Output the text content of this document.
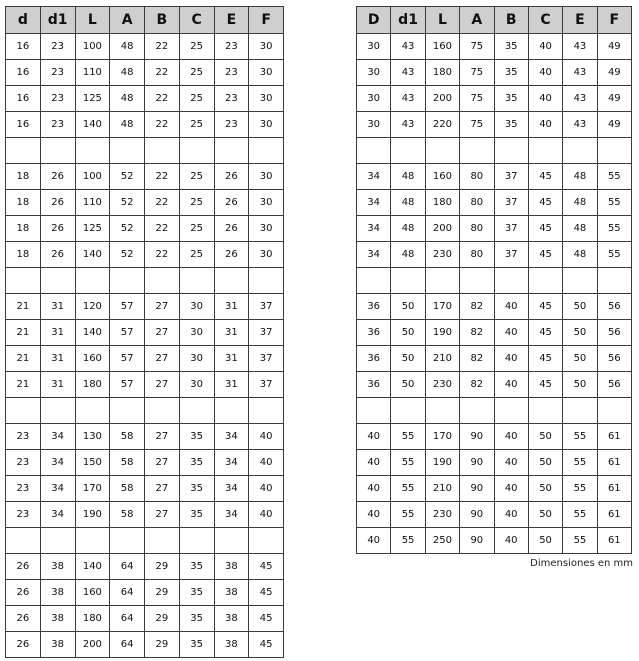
d	d1	L	A	B	C	E	F
16	23	100	48	22	25	23	30
16	23	110	48	22	25	23	30
16	23	125	48	22	25	23	30
16	23	140	48	22	25	23	30

18	26	100	52	22	25	26	30
18	26	110	52	22	25	26	30
18	26	125	52	22	25	26	30
18	26	140	52	22	25	26	30

21	31	120	57	27	30	31	37
21	31	140	57	27	30	31	37
21	31	160	57	27	30	31	37
21	31	180	57	27	30	31	37

23	34	130	58	27	35	34	40
23	34	150	58	27	35	34	40
23	34	170	58	27	35	34	40
23	34	190	58	27	35	34	40

26	38	140	64	29	35	38	45
26	38	160	64	29	35	38	45
26	38	180	64	29	35	38	45
26	38	200	64	29	35	38	45
D	d1	L	A	B	C	E	F
30	43	160	75	35	40	43	49
30	43	180	75	35	40	43	49
30	43	200	75	35	40	43	49
30	43	220	75	35	40	43	49

34	48	160	80	37	45	48	55
34	48	180	80	37	45	48	55
34	48	200	80	37	45	48	55
34	48	230	80	37	45	48	55

36	50	170	82	40	45	50	56
36	50	190	82	40	45	50	56
36	50	210	82	40	45	50	56
36	50	230	82	40	45	50	56

40	55	170	90	40	50	55	61
40	55	190	90	40	50	55	61
40	55	210	90	40	50	55	61
40	55	230	90	40	50	55	61
40	55	250	90	40	50	55	61
Dimensiones en mm
